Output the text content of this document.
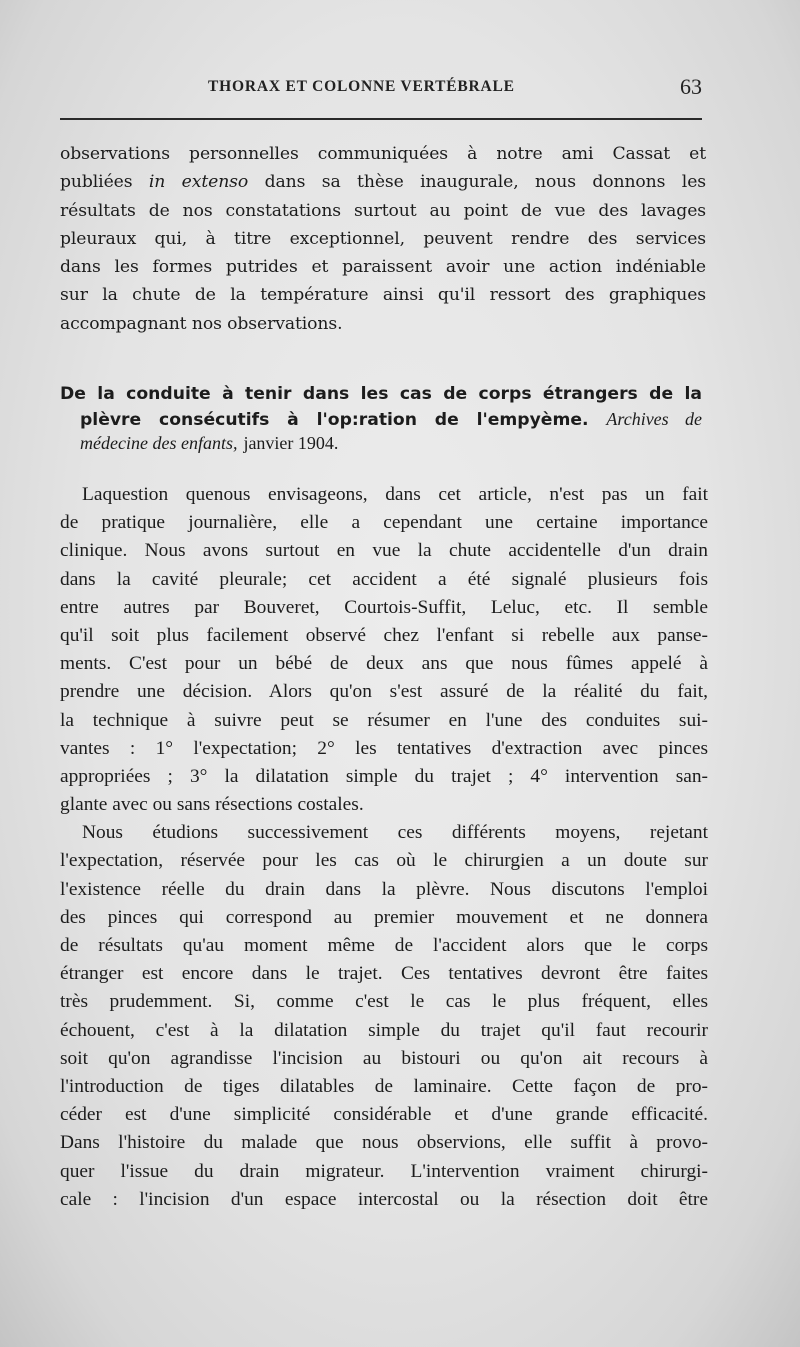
THORAX ET COLONNE VERTÉBRALE	63
observations personnelles communiquées à notre ami Cassat et
publiées in extenso dans sa thèse inaugurale, nous donnons les
résultats de nos constatations surtout au point de vue des lavages
pleuraux qui, à titre exceptionnel, peuvent rendre des services
dans les formes putrides et paraissent avoir une action indéniable
sur la chute de la température ainsi qu'il ressort des graphiques
accompagnant nos observations.
De la conduite à tenir dans les cas de corps étrangers de la
plèvre consécutifs à l'op:ration de l'empyème. Archives de
médecine des enfants, janvier 1904.
Laquestion quenous envisageons, dans cet article, n'est pas un fait
de pratique journalière, elle a cependant une certaine importance
clinique. Nous avons surtout en vue la chute accidentelle d'un drain
dans la cavité pleurale; cet accident a été signalé plusieurs fois
entre autres par Bouveret, Courtois-Suffit, Leluc, etc. Il semble
qu'il soit plus facilement observé chez l'enfant si rebelle aux panse-
ments. C'est pour un bébé de deux ans que nous fûmes appelé à
prendre une décision. Alors qu'on s'est assuré de la réalité du fait,
la technique à suivre peut se résumer en l'une des conduites sui-
vantes : 1° l'expectation; 2° les tentatives d'extraction avec pinces
appropriées ; 3° la dilatation simple du trajet ; 4° intervention san-
glante avec ou sans résections costales.
Nous étudions successivement ces différents moyens, rejetant
l'expectation, réservée pour les cas où le chirurgien a un doute sur
l'existence réelle du drain dans la plèvre. Nous discutons l'emploi
des pinces qui correspond au premier mouvement et ne donnera
de résultats qu'au moment même de l'accident alors que le corps
étranger est encore dans le trajet. Ces tentatives devront être faites
très prudemment. Si, comme c'est le cas le plus fréquent, elles
échouent, c'est à la dilatation simple du trajet qu'il faut recourir
soit qu'on agrandisse l'incision au bistouri ou qu'on ait recours à
l'introduction de tiges dilatables de laminaire. Cette façon de pro-
céder est d'une simplicité considérable et d'une grande efficacité.
Dans l'histoire du malade que nous observions, elle suffit à provo-
quer l'issue du drain migrateur. L'intervention vraiment chirurgi-
cale : l'incision d'un espace intercostal ou la résection doit être
